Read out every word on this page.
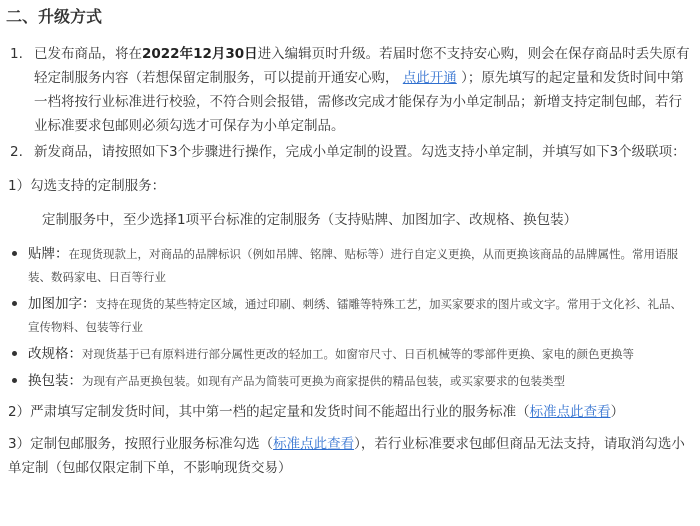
二、升级方式
1. 已发布商品，将在2022年12月30日进入编辑页时升级。若届时您不支持安心购，则会在保存商品时丢失原有轻定制服务内容（若想保留定制服务，可以提前开通安心购， 点此开通 ）；原先填写的起定量和发货时间中第一档将按行业标准进行校验，不符合则会报错，需修改完成才能保存为小单定制品；新增支持定制包邮，若行业标准要求包邮则必须勾选才可保存为小单定制品。
2. 新发商品，请按照如下3个步骤进行操作，完成小单定制的设置。勾选支持小单定制，并填写如下3个级联项：

1）勾选支持的定制服务：

定制服务中，至少选择1项平台标准的定制服务（支持贴牌、加图加字、改规格、换包装）

贴牌：在现货现款上，对商品的品牌标识（例如吊牌、铭牌、贴标等）进行自定义更换，从而更换该商品的品牌属性。常用语服装、数码家电、日百等行业
加图加字：支持在现货的某些特定区域，通过印刷、刺绣、镭雕等特殊工艺，加买家要求的图片或文字。常用于文化衫、礼品、宣传物料、包装等行业
改规格：对现货基于已有原料进行部分属性更改的轻加工。如窗帘尺寸、日百机械等的零部件更换、家电的颜色更换等
换包装：为现有产品更换包装。如现有产品为简装可更换为商家提供的精品包装，或买家要求的包装类型

2）严肃填写定制发货时间，其中第一档的起定量和发货时间不能超出行业的服务标准（标准点此查看）

3）定制包邮服务，按照行业服务标准勾选（标准点此查看），若行业标准要求包邮但商品无法支持，请取消勾选小单定制（包邮仅限定制下单，不影响现货交易）
